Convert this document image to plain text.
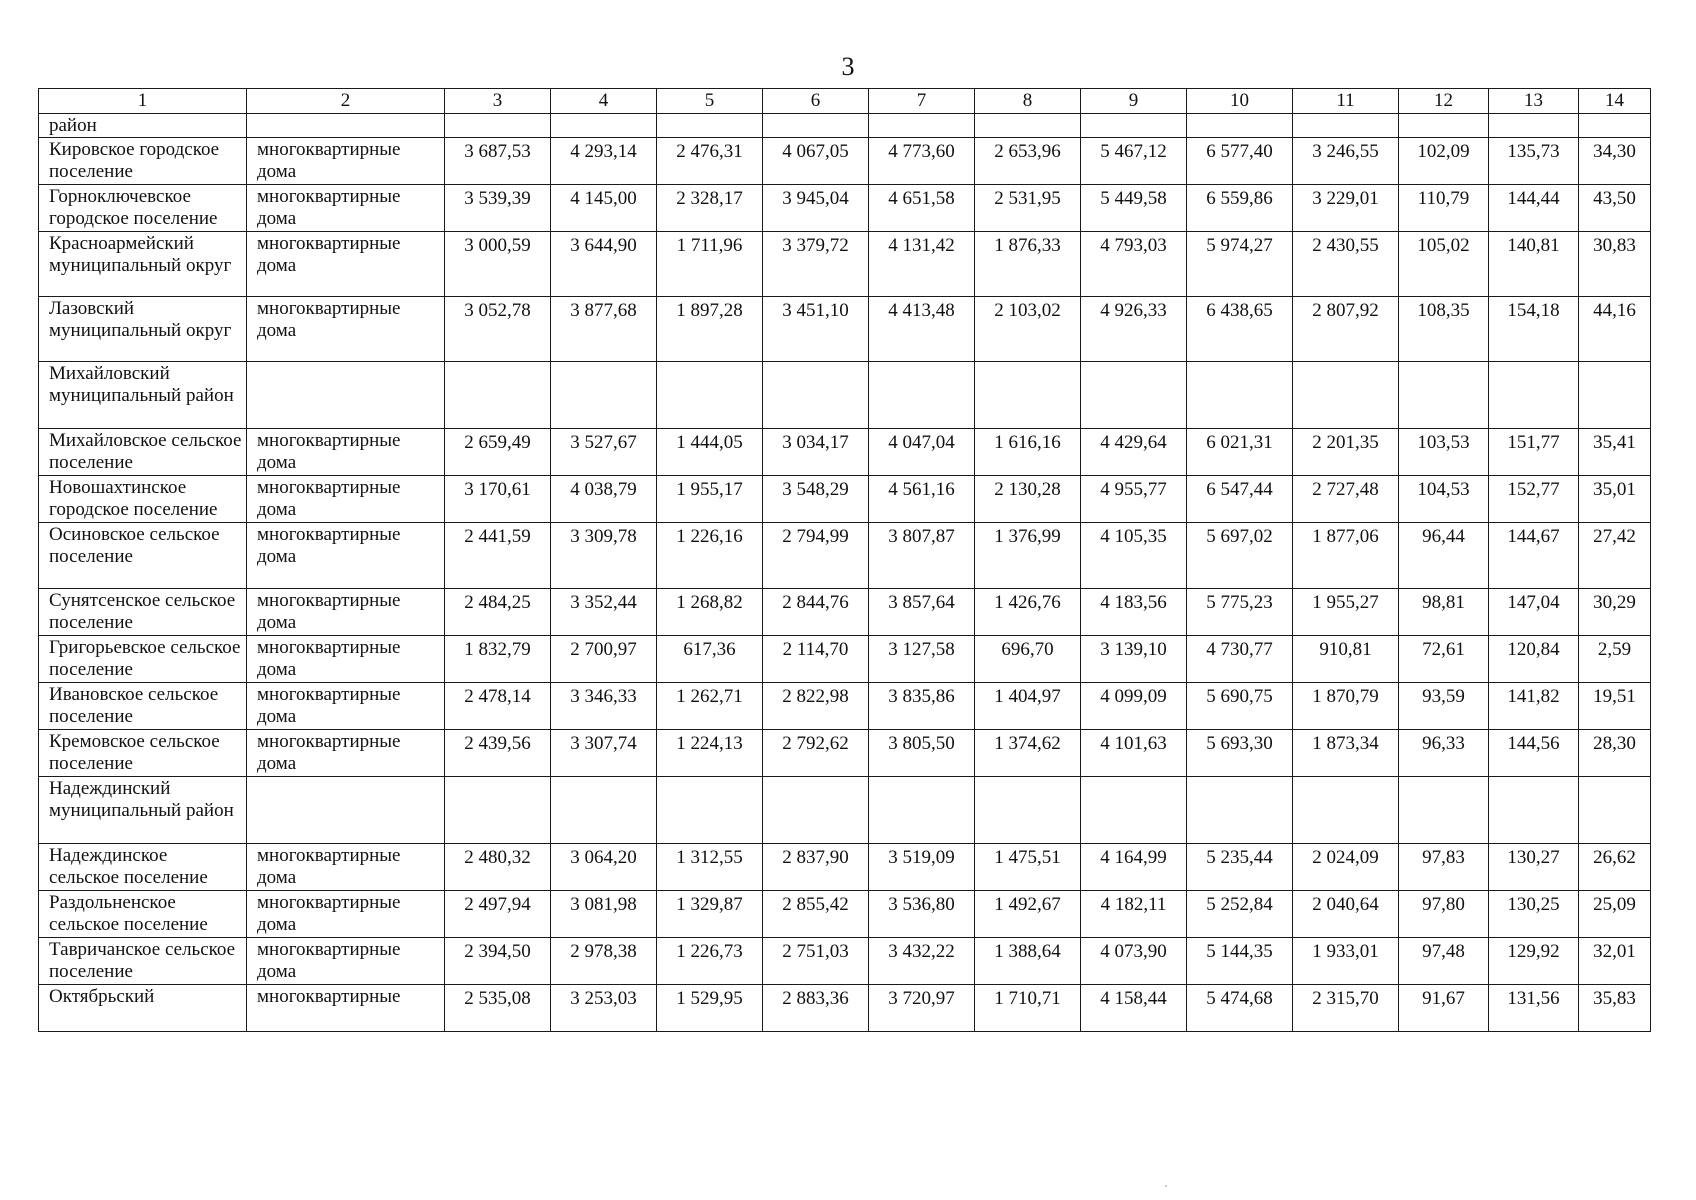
3
1	2	3	4	5	6	7	8	9	10	11	12	13	14
район													
Кировское городское поселение	многоквартирные дома	3 687,53	4 293,14	2 476,31	4 067,05	4 773,60	2 653,96	5 467,12	6 577,40	3 246,55	102,09	135,73	34,30
Горноключевское городское поселение	многоквартирные дома	3 539,39	4 145,00	2 328,17	3 945,04	4 651,58	2 531,95	5 449,58	6 559,86	3 229,01	110,79	144,44	43,50
Красноармейский муниципальный округ	многоквартирные дома	3 000,59	3 644,90	1 711,96	3 379,72	4 131,42	1 876,33	4 793,03	5 974,27	2 430,55	105,02	140,81	30,83
Лазовский муниципальный округ	многоквартирные дома	3 052,78	3 877,68	1 897,28	3 451,10	4 413,48	2 103,02	4 926,33	6 438,65	2 807,92	108,35	154,18	44,16
Михайловский муниципальный район													
Михайловское сельское поселение	многоквартирные дома	2 659,49	3 527,67	1 444,05	3 034,17	4 047,04	1 616,16	4 429,64	6 021,31	2 201,35	103,53	151,77	35,41
Новошахтинское городское поселение	многоквартирные дома	3 170,61	4 038,79	1 955,17	3 548,29	4 561,16	2 130,28	4 955,77	6 547,44	2 727,48	104,53	152,77	35,01
Осиновское сельское поселение	многоквартирные дома	2 441,59	3 309,78	1 226,16	2 794,99	3 807,87	1 376,99	4 105,35	5 697,02	1 877,06	96,44	144,67	27,42
Сунятсенское сельское поселение	многоквартирные дома	2 484,25	3 352,44	1 268,82	2 844,76	3 857,64	1 426,76	4 183,56	5 775,23	1 955,27	98,81	147,04	30,29
Григорьевское сельское поселение	многоквартирные дома	1 832,79	2 700,97	617,36	2 114,70	3 127,58	696,70	3 139,10	4 730,77	910,81	72,61	120,84	2,59
Ивановское сельское поселение	многоквартирные дома	2 478,14	3 346,33	1 262,71	2 822,98	3 835,86	1 404,97	4 099,09	5 690,75	1 870,79	93,59	141,82	19,51
Кремовское сельское поселение	многоквартирные дома	2 439,56	3 307,74	1 224,13	2 792,62	3 805,50	1 374,62	4 101,63	5 693,30	1 873,34	96,33	144,56	28,30
Надеждинский муниципальный район													
Надеждинское сельское поселение	многоквартирные дома	2 480,32	3 064,20	1 312,55	2 837,90	3 519,09	1 475,51	4 164,99	5 235,44	2 024,09	97,83	130,27	26,62
Раздольненское сельское поселение	многоквартирные дома	2 497,94	3 081,98	1 329,87	2 855,42	3 536,80	1 492,67	4 182,11	5 252,84	2 040,64	97,80	130,25	25,09
Тавричанское сельское поселение	многоквартирные дома	2 394,50	2 978,38	1 226,73	2 751,03	3 432,22	1 388,64	4 073,90	5 144,35	1 933,01	97,48	129,92	32,01
Октябрьский	многоквартирные	2 535,08	3 253,03	1 529,95	2 883,36	3 720,97	1 710,71	4 158,44	5 474,68	2 315,70	91,67	131,56	35,83
